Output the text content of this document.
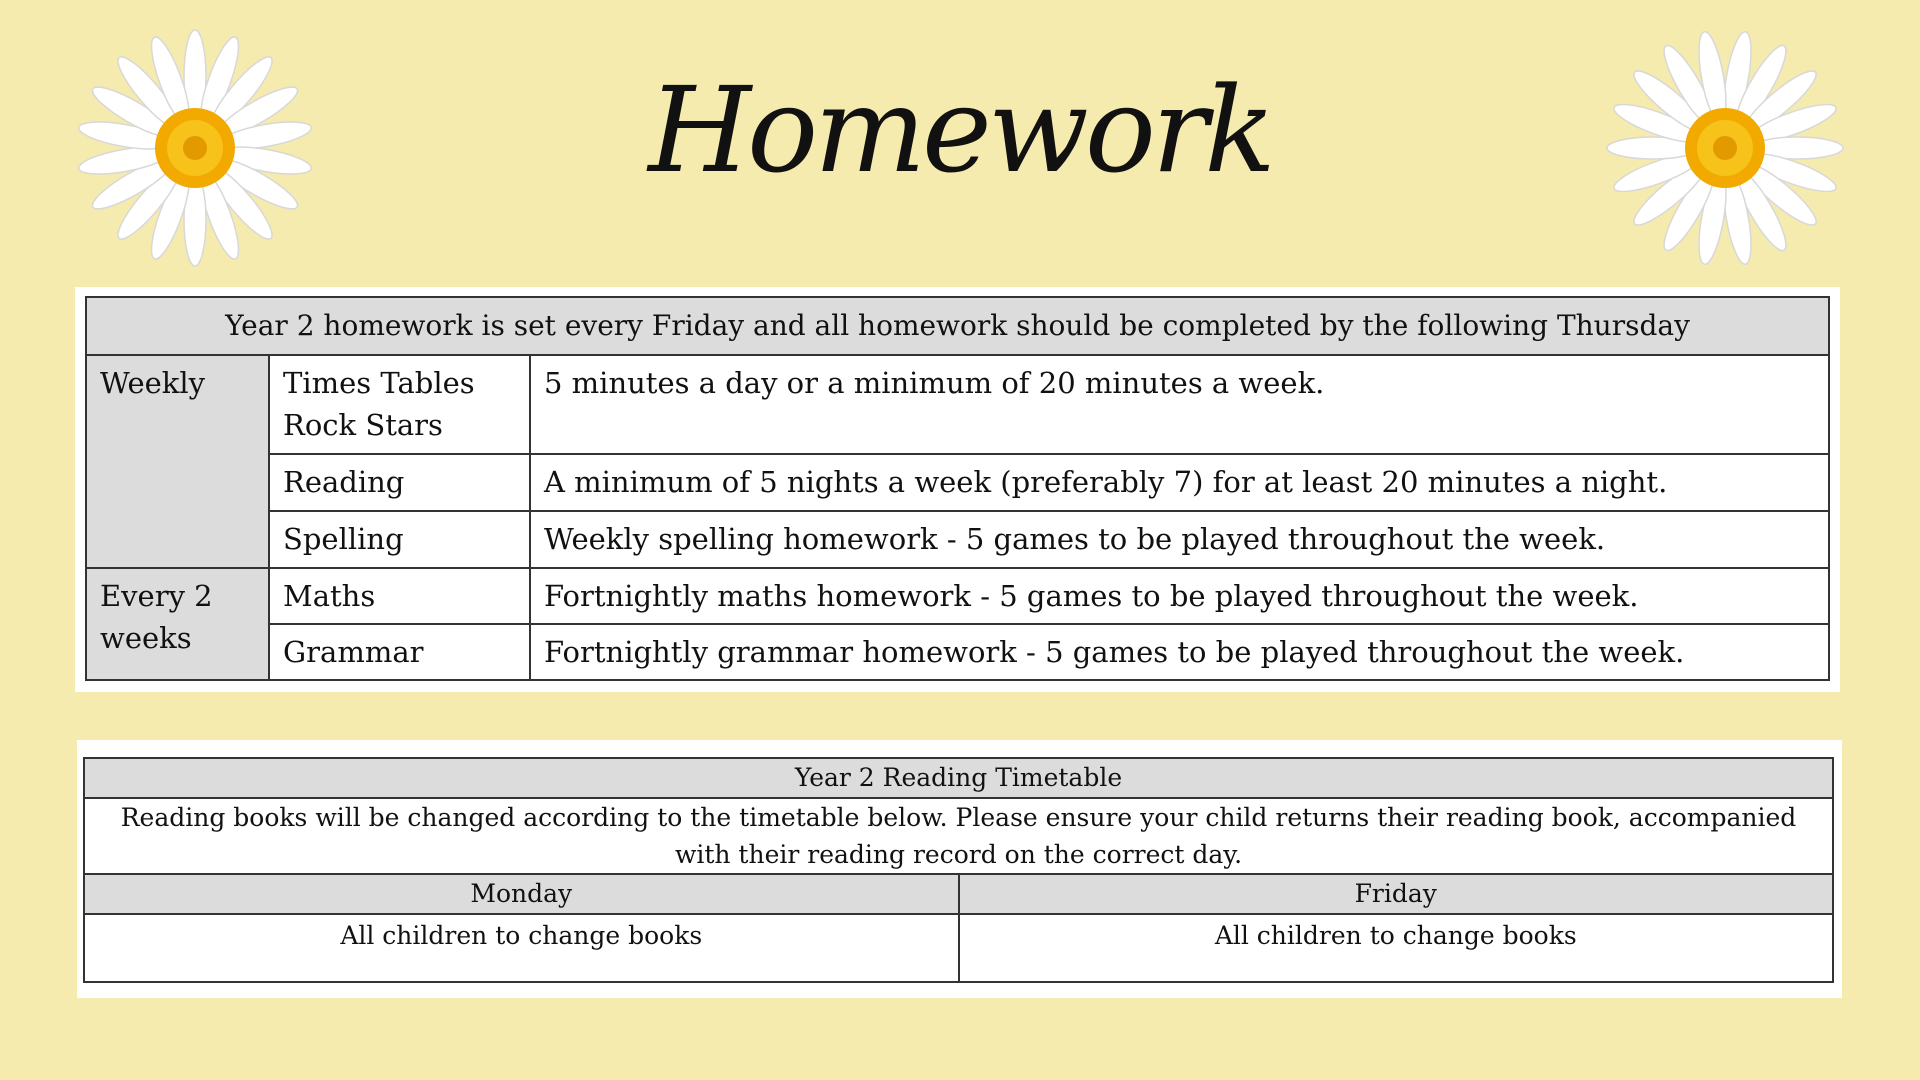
Homework
Year 2 homework is set every Friday and all homework should be completed by the following Thursday		
Weekly	Times Tables Rock Stars	5 minutes a day or a minimum of 20 minutes a week.
	Reading	A minimum of 5 nights a week (preferably 7) for at least 20 minutes a night.
	Spelling	Weekly spelling homework - 5 games to be played throughout the week.
Every 2 weeks	Maths	Fortnightly maths homework - 5 games to be played throughout the week.
	Grammar	Fortnightly grammar homework - 5 games to be played throughout the week.
Year 2 Reading Timetable	
Reading books will be changed according to the timetable below. Please ensure your child returns their reading book, accompanied with their reading record on the correct day.	
Monday	Friday
All children to change books	All children to change books
